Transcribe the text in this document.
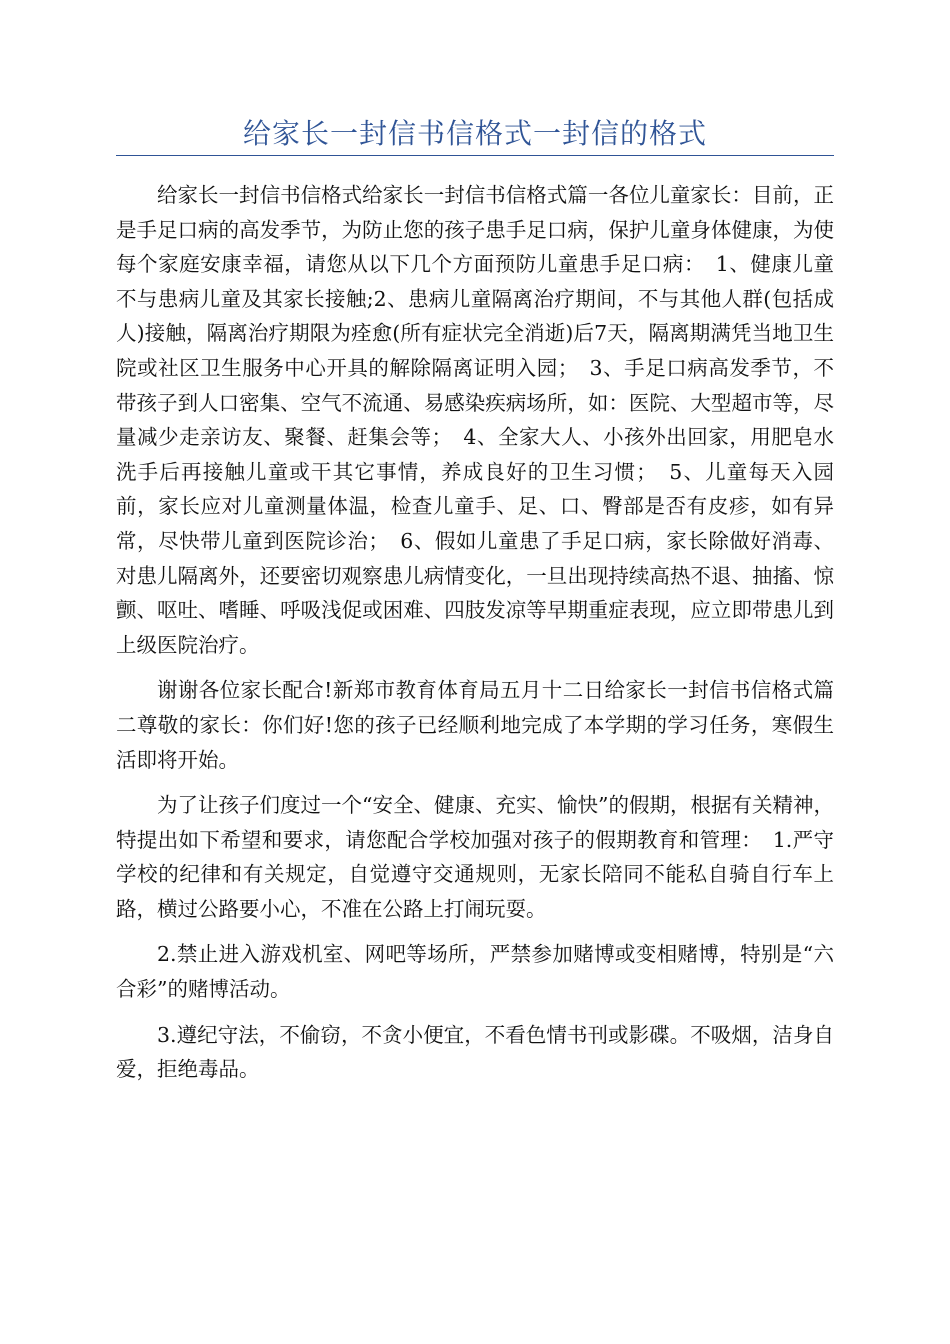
给家长一封信书信格式一封信的格式

给家长一封信书信格式给家长一封信书信格式篇一各位儿童家长：目前，正是手足口病的高发季节，为防止您的孩子患手足口病，保护儿童身体健康，为使每个家庭安康幸福，请您从以下几个方面预防儿童患手足口病：　1、健康儿童不与患病儿童及其家长接触;2、患病儿童隔离治疗期间，不与其他人群(包括成人)接触，隔离治疗期限为痊愈(所有症状完全消逝)后7天，隔离期满凭当地卫生院或社区卫生服务中心开具的解除隔离证明入园；　3、手足口病高发季节，不带孩子到人口密集、空气不流通、易感染疾病场所，如：医院、大型超市等，尽量减少走亲访友、聚餐、赶集会等；　4、全家大人、小孩外出回家，用肥皂水洗手后再接触儿童或干其它事情，养成良好的卫生习惯；　5、儿童每天入园前，家长应对儿童测量体温，检查儿童手、足、口、臀部是否有皮疹，如有异常，尽快带儿童到医院诊治；　6、假如儿童患了手足口病，家长除做好消毒、对患儿隔离外，还要密切观察患儿病情变化，一旦出现持续高热不退、抽搐、惊颤、呕吐、嗜睡、呼吸浅促或困难、四肢发凉等早期重症表现，应立即带患儿到上级医院治疗。

谢谢各位家长配合!新郑市教育体育局五月十二日给家长一封信书信格式篇二尊敬的家长：你们好!您的孩子已经顺利地完成了本学期的学习任务，寒假生活即将开始。

为了让孩子们度过一个“安全、健康、充实、愉快”的假期，根据有关精神，特提出如下希望和要求，请您配合学校加强对孩子的假期教育和管理：　1.严守学校的纪律和有关规定，自觉遵守交通规则，无家长陪同不能私自骑自行车上路，横过公路要小心，不准在公路上打闹玩耍。

2.禁止进入游戏机室、网吧等场所，严禁参加赌博或变相赌博，特别是“六合彩”的赌博活动。

3.遵纪守法，不偷窃，不贪小便宜，不看色情书刊或影碟。不吸烟，洁身自爱，拒绝毒品。
